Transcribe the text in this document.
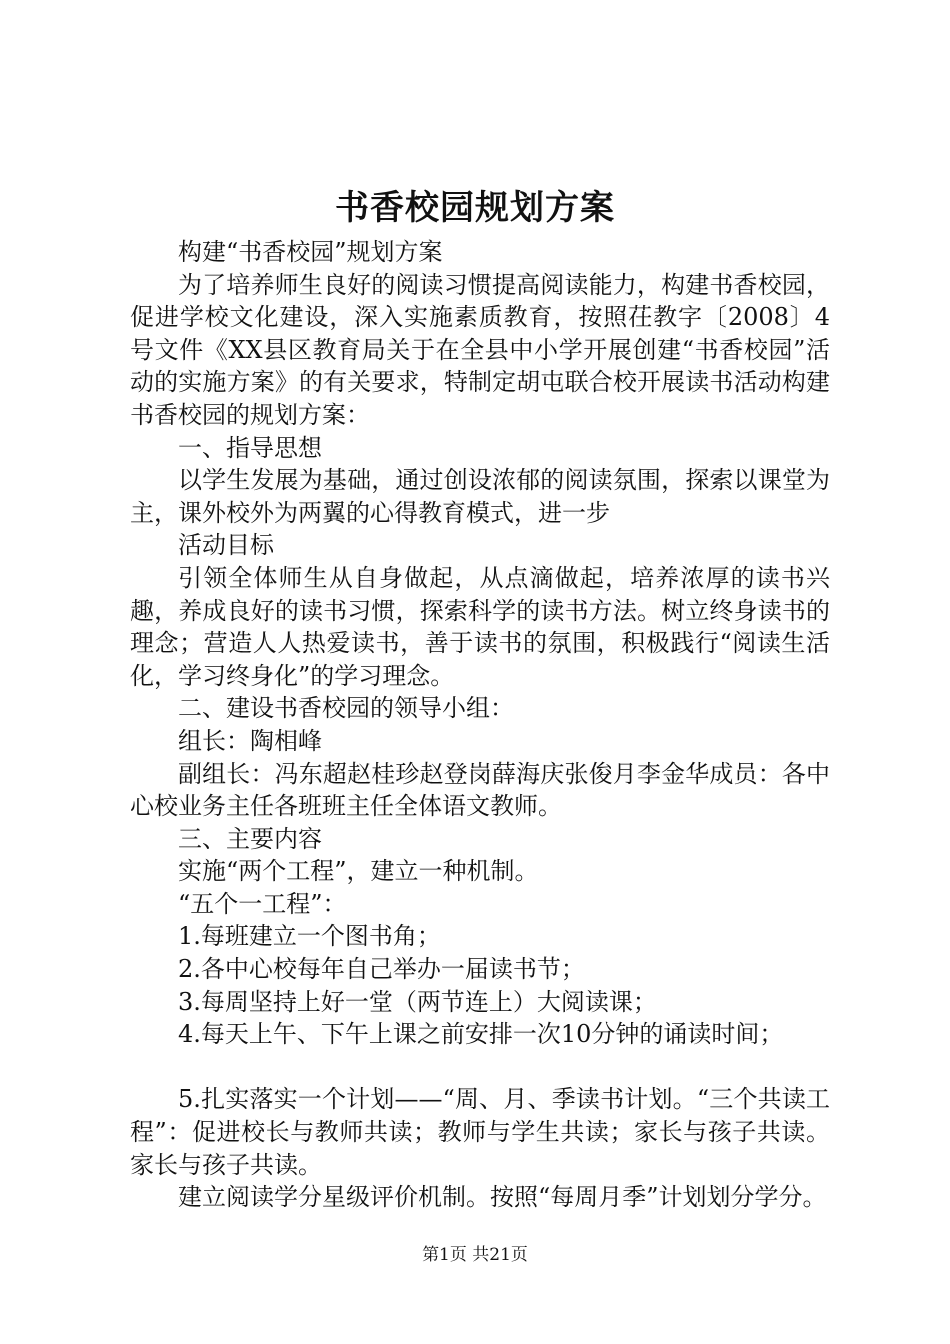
书香校园规划方案

构建“书香校园”规划方案

为了培养师生良好的阅读习惯提高阅读能力，构建书香校园，促进学校文化建设，深入实施素质教育，按照茌教字〔2008〕4号文件《XX县区教育局关于在全县中小学开展创建“书香校园”活动的实施方案》的有关要求，特制定胡屯联合校开展读书活动构建书香校园的规划方案：

一、指导思想

以学生发展为基础，通过创设浓郁的阅读氛围，探索以课堂为主，课外校外为两翼的心得教育模式，进一步

活动目标

引领全体师生从自身做起，从点滴做起，培养浓厚的读书兴趣，养成良好的读书习惯，探索科学的读书方法。树立终身读书的理念；营造人人热爱读书，善于读书的氛围，积极践行“阅读生活化，学习终身化”的学习理念。

二、建设书香校园的领导小组：

组长：陶相峰

副组长：冯东超赵桂珍赵登岗薛海庆张俊月李金华成员：各中心校业务主任各班班主任全体语文教师。

三、主要内容

实施“两个工程”，建立一种机制。

“五个一工程”：

1.每班建立一个图书角；

2.各中心校每年自己举办一届读书节；

3.每周坚持上好一堂（两节连上）大阅读课；

4.每天上午、下午上课之前安排一次10分钟的诵读时间；

5.扎实落实一个计划——“周、月、季读书计划。“三个共读工程”：促进校长与教师共读；教师与学生共读；家长与孩子共读。家长与孩子共读。

建立阅读学分星级评价机制。按照“每周月季”计划划分学分。

第1页 共21页
